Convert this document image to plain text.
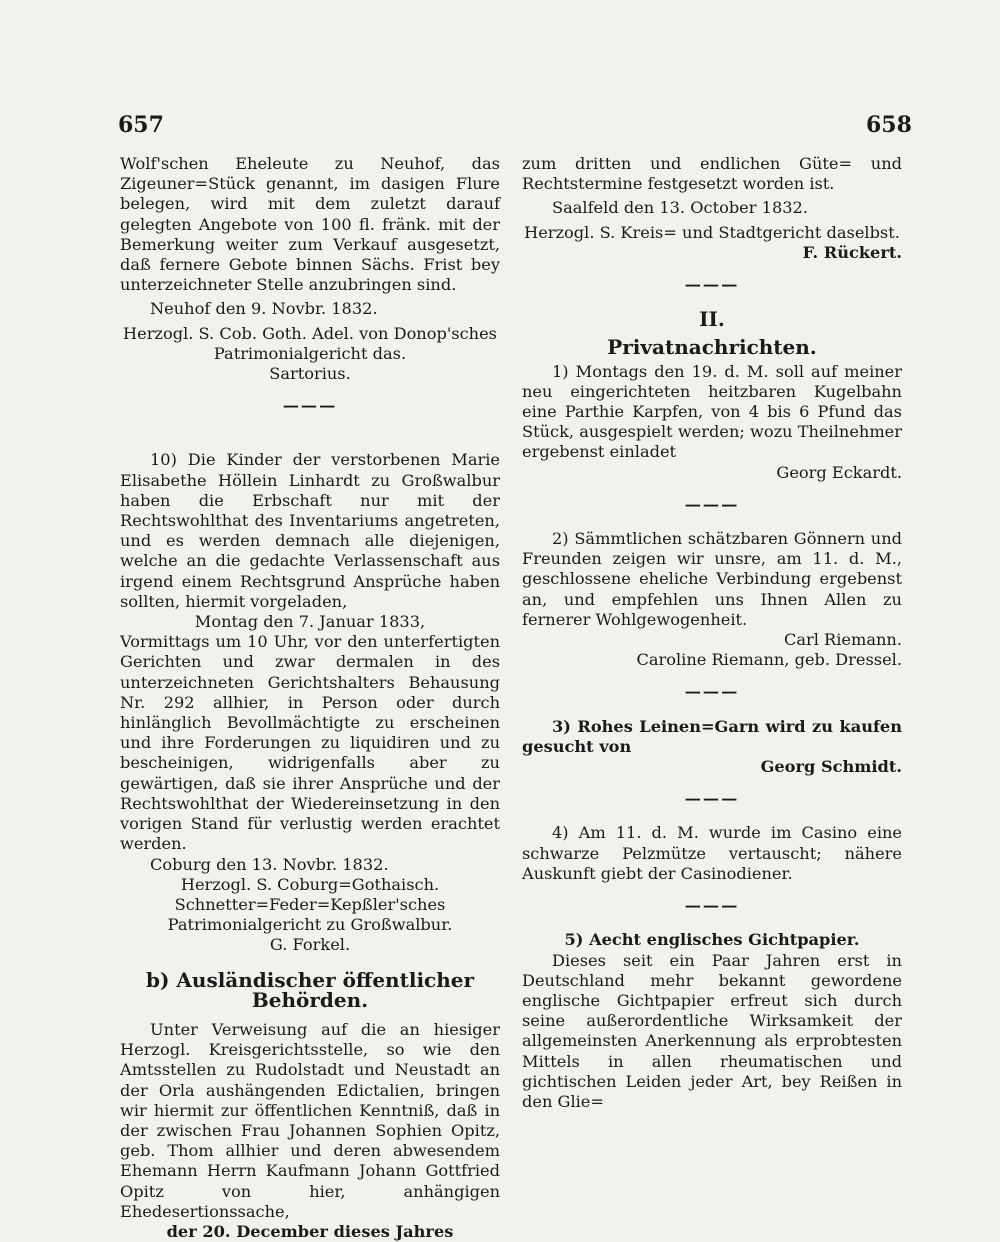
657	658

Wolf'schen Eheleute zu Neuhof, das Zigeuner=Stück genannt, im dasigen Flure belegen, wird mit dem zuletzt darauf gelegten Angebote von 100 fl. fränk. mit der Bemerkung weiter zum Verkauf ausgesetzt, daß fernere Gebote binnen Sächs. Frist bey unterzeichneter Stelle anzubringen sind.

Neuhof den 9. Novbr. 1832.

Herzogl. S. Cob. Goth. Adel. von Donop'sches Patrimonialgericht das.

Sartorius.

———

10) Die Kinder der verstorbenen Marie Elisabethe Höllein Linhardt zu Großwalbur haben die Erbschaft nur mit der Rechtswohlthat des Inventariums angetreten, und es werden demnach alle diejenigen, welche an die gedachte Verlassenschaft aus irgend einem Rechtsgrund Ansprüche haben sollten, hiermit vorgeladen,

Montag den 7. Januar 1833,

Vormittags um 10 Uhr, vor den unterfertigten Gerichten und zwar dermalen in des unterzeichneten Gerichtshalters Behausung Nr. 292 allhier, in Person oder durch hinlänglich Bevollmächtigte zu erscheinen und ihre Forderungen zu liquidiren und zu bescheinigen, widrigenfalls aber zu gewärtigen, daß sie ihrer Ansprüche und der Rechtswohlthat der Wiedereinsetzung in den vorigen Stand für verlustig werden erachtet werden.

Coburg den 13. Novbr. 1832.

Herzogl. S. Coburg=Gothaisch. Schnetter=Feder=Kepßler'sches Patrimonialgericht zu Großwalbur.

G. Forkel.

b) Ausländischer öffentlicher Behörden.

Unter Verweisung auf die an hiesiger Herzogl. Kreisgerichtsstelle, so wie den Amtsstellen zu Rudolstadt und Neustadt an der Orla aushängenden Edictalien, bringen wir hiermit zur öffentlichen Kenntniß, daß in der zwischen Frau Johannen Sophien Opitz, geb. Thom allhier und deren abwesendem Ehemann Herrn Kaufmann Johann Gottfried Opitz von hier, anhängigen Ehedesertionssache,

der 20. December dieses Jahres

zum dritten und endlichen Güte= und Rechtstermine festgesetzt worden ist.

Saalfeld den 13. October 1832.

Herzogl. S. Kreis= und Stadtgericht daselbst.

F. Rückert.

———
II.
Privatnachrichten.

1) Montags den 19. d. M. soll auf meiner neu eingerichteten heitzbaren Kugelbahn eine Parthie Karpfen, von 4 bis 6 Pfund das Stück, ausgespielt werden; wozu Theilnehmer ergebenst einladet

Georg Eckardt.

———

2) Sämmtlichen schätzbaren Gönnern und Freunden zeigen wir unsre, am 11. d. M., geschlossene eheliche Verbindung ergebenst an, und empfehlen uns Ihnen Allen zu fernerer Wohlgewogenheit.

Carl Riemann.

Caroline Riemann, geb. Dressel.

———

3) Rohes Leinen=Garn wird zu kaufen gesucht von

Georg Schmidt.

———

4) Am 11. d. M. wurde im Casino eine schwarze Pelzmütze vertauscht; nähere Auskunft giebt der Casinodiener.

———

5) Aecht englisches Gichtpapier.

Dieses seit ein Paar Jahren erst in Deutschland mehr bekannt gewordene englische Gichtpapier erfreut sich durch seine außerordentliche Wirksamkeit der allgemeinsten Anerkennung als erprobtesten Mittels in allen rheumatischen und gichtischen Leiden jeder Art, bey Reißen in den Glie=
